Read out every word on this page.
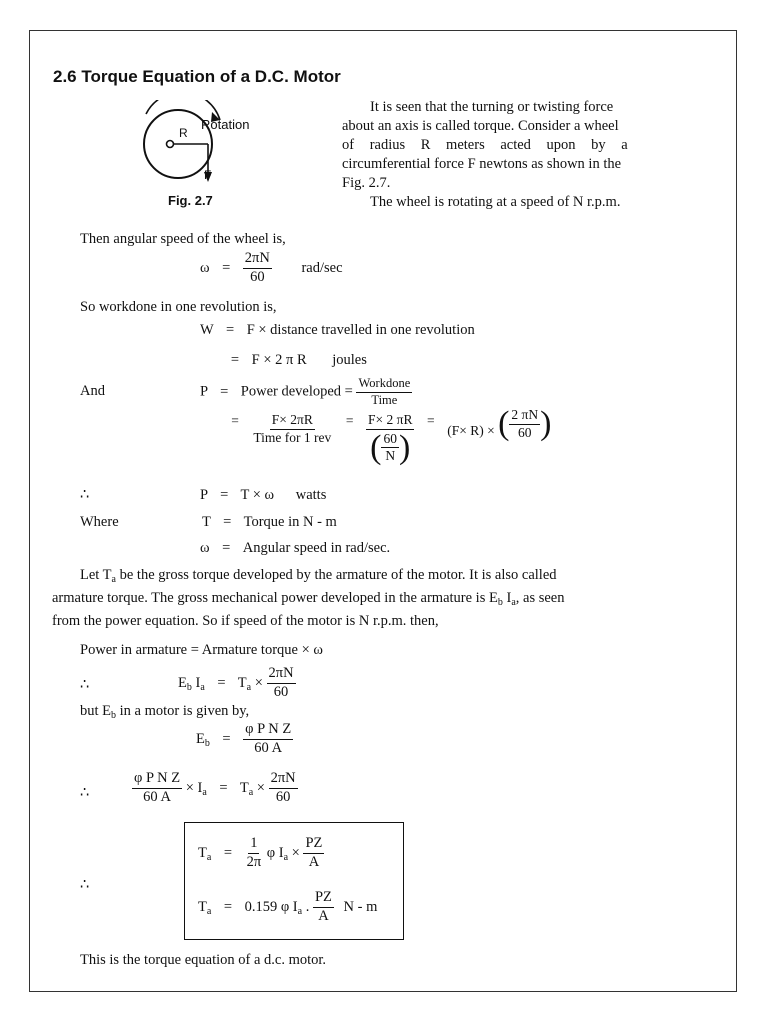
2.6 Torque Equation of a D.C. Motor
Rotation
R
F
Fig. 2.7
It is seen that the turning or twisting force
about an axis is called torque. Consider a wheel
of radius R meters acted upon by a
circumferential force F newtons as shown in the
Fig. 2.7.
The wheel is rotating at a speed of N r.p.m.
Then angular speed of the wheel is,
$\omega = \frac{2\pi N}{60} rad/\sec$
So workdone in one revolution is,
W = F × distance travelled in one revolution
= F × 2 π R joules
And	P = Power developed = $\frac{\text{Workdone}}{\text{Time}}$
= $\frac{F\times 2\pi R}{\text{Time for 1 rev}} = \frac{F\times 2 \pi R}{( \frac{60}{N} )} = (F\times R)$ × ( $\frac{2 \pi N}{60}$ )
∴	P = T × ω watts
Where	T = Torque in N - m
ω = Angular speed in rad/sec.
Let $T_a$ be the gross torque developed by the armature of the motor. It is also called
armature torque. The gross mechanical power developed in the armature is $E_b$ $I_a$, as seen
from the power equation. So if speed of the motor is N r.p.m. then,
Power in armature = Armature torque × ω
∴	$E_b$ $I_a = T_a \times \frac{2\pi N}{60}$
but $E_b$ in a motor is given by,
$E_b = \frac{\text{φ P N Z}}{60 A}$
∴	$\frac{\text{φ P N Z}}{60 A} \times I_a = T_a \times \frac{2\pi N}{60}$
∴
$T_a = \frac{1}{2\pi}$ φ $I_a \times \frac{PZ}{A}$
$T_a = 0.159$ φ $I_a$ . $\frac{PZ}{A}$ N - m
This is the torque equation of a d.c. motor.
